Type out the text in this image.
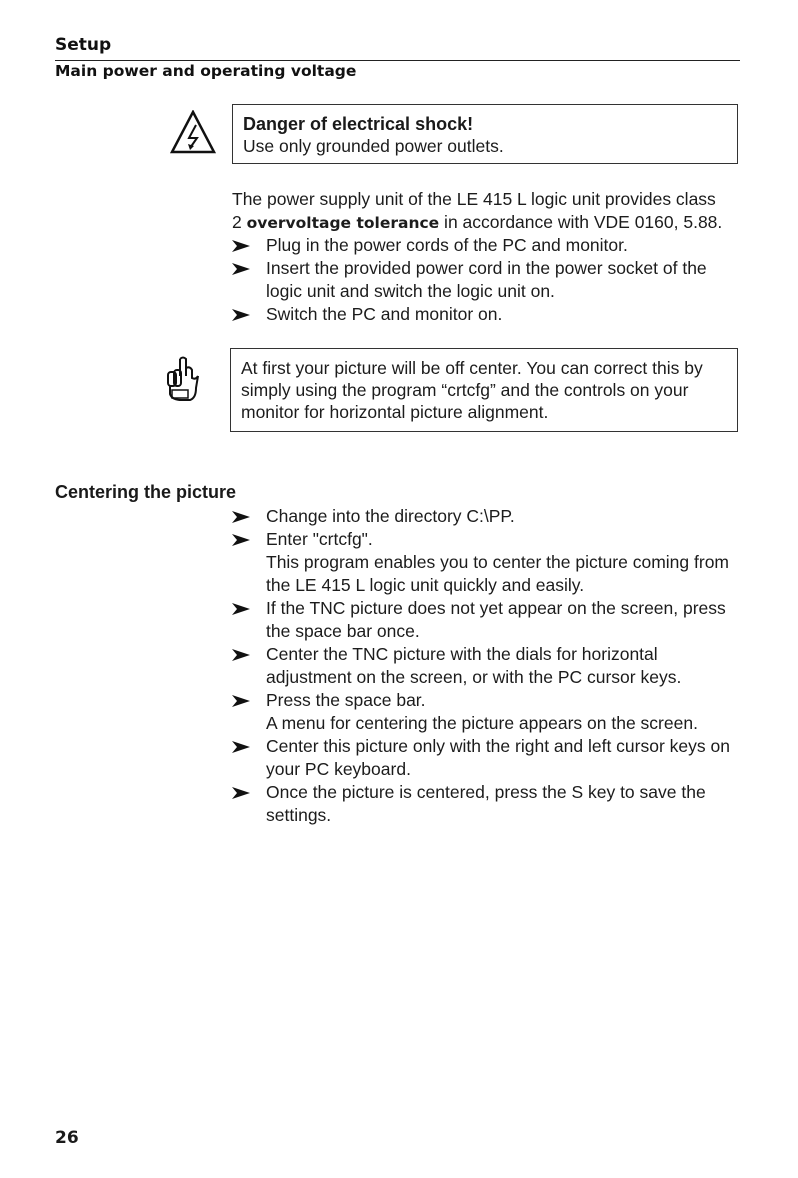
Setup
Main power and operating voltage
Danger of electrical shock!
Use only grounded power outlets.
The power supply unit of the LE 415 L logic unit provides class
2 overvoltage tolerance in accordance with VDE 0160, 5.88.
Plug in the power cords of the PC and monitor.
Insert the provided power cord in the power socket of the logic unit and switch the logic unit on.
Switch the PC and monitor on.
At first your picture will be off center. You can correct this by simply using the program “crtcfg” and the controls on your monitor for horizontal picture alignment.
Centering the picture
Change into the directory C:\PP.
Enter "crtcfg".
This program enables you to center the picture coming from the LE 415 L logic unit quickly and easily.
If the TNC picture does not yet appear on the screen, press the space bar once.
Center the TNC picture with the dials for horizontal adjustment on the screen, or with the PC cursor keys.
Press the space bar.
A menu for centering the picture appears on the screen.
Center this picture only with the right and left cursor keys on your PC keyboard.
Once the picture is centered, press the S key to save the settings.
26
